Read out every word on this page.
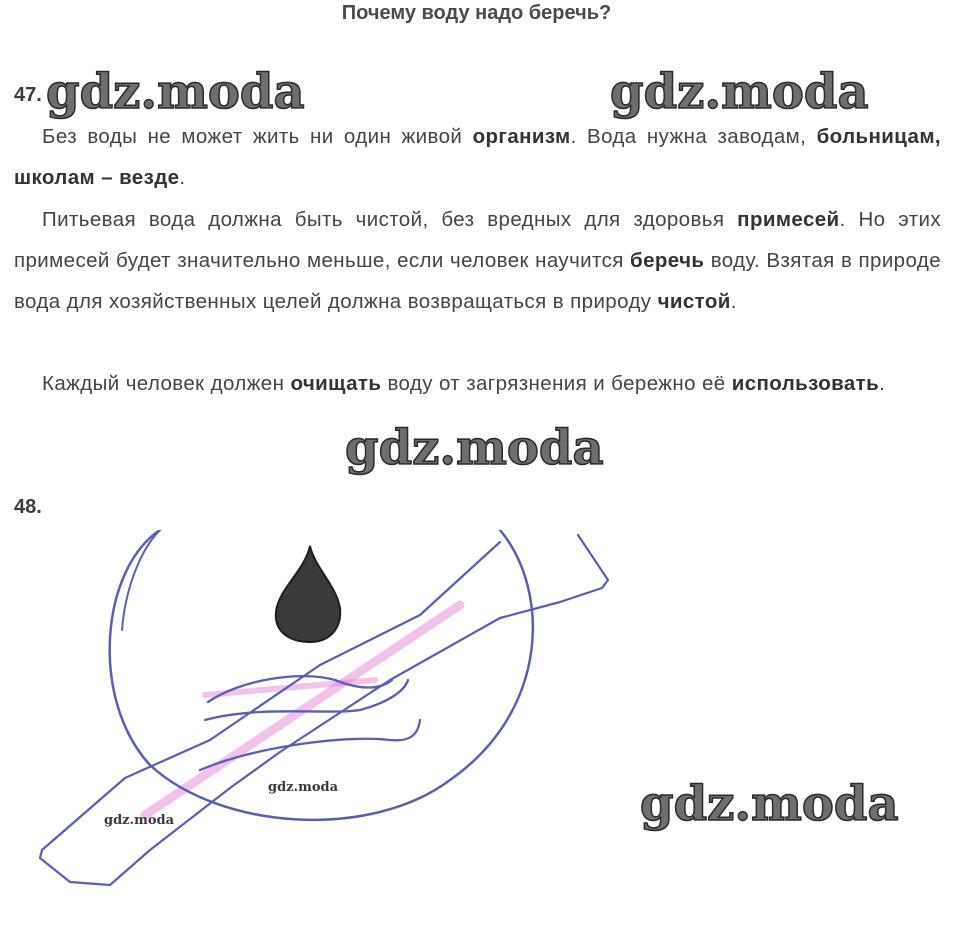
Почему воду надо беречь?
gdz.moda	gdz.moda
47.

Без воды не может жить ни один живой организм. Вода нужна заводам, больницам, школам – везде.

Питьевая вода должна быть чистой, без вредных для здоровья примесей. Но этих примесей будет значительно меньше, если человек научится беречь воду. Взятая в природе вода для хозяйственных целей должна возвращаться в природу чистой.

Каждый человек должен очищать воду от загрязнения и бережно её использовать.

gdz.moda
48.
gdz.moda
gdz.moda
gdz.moda
